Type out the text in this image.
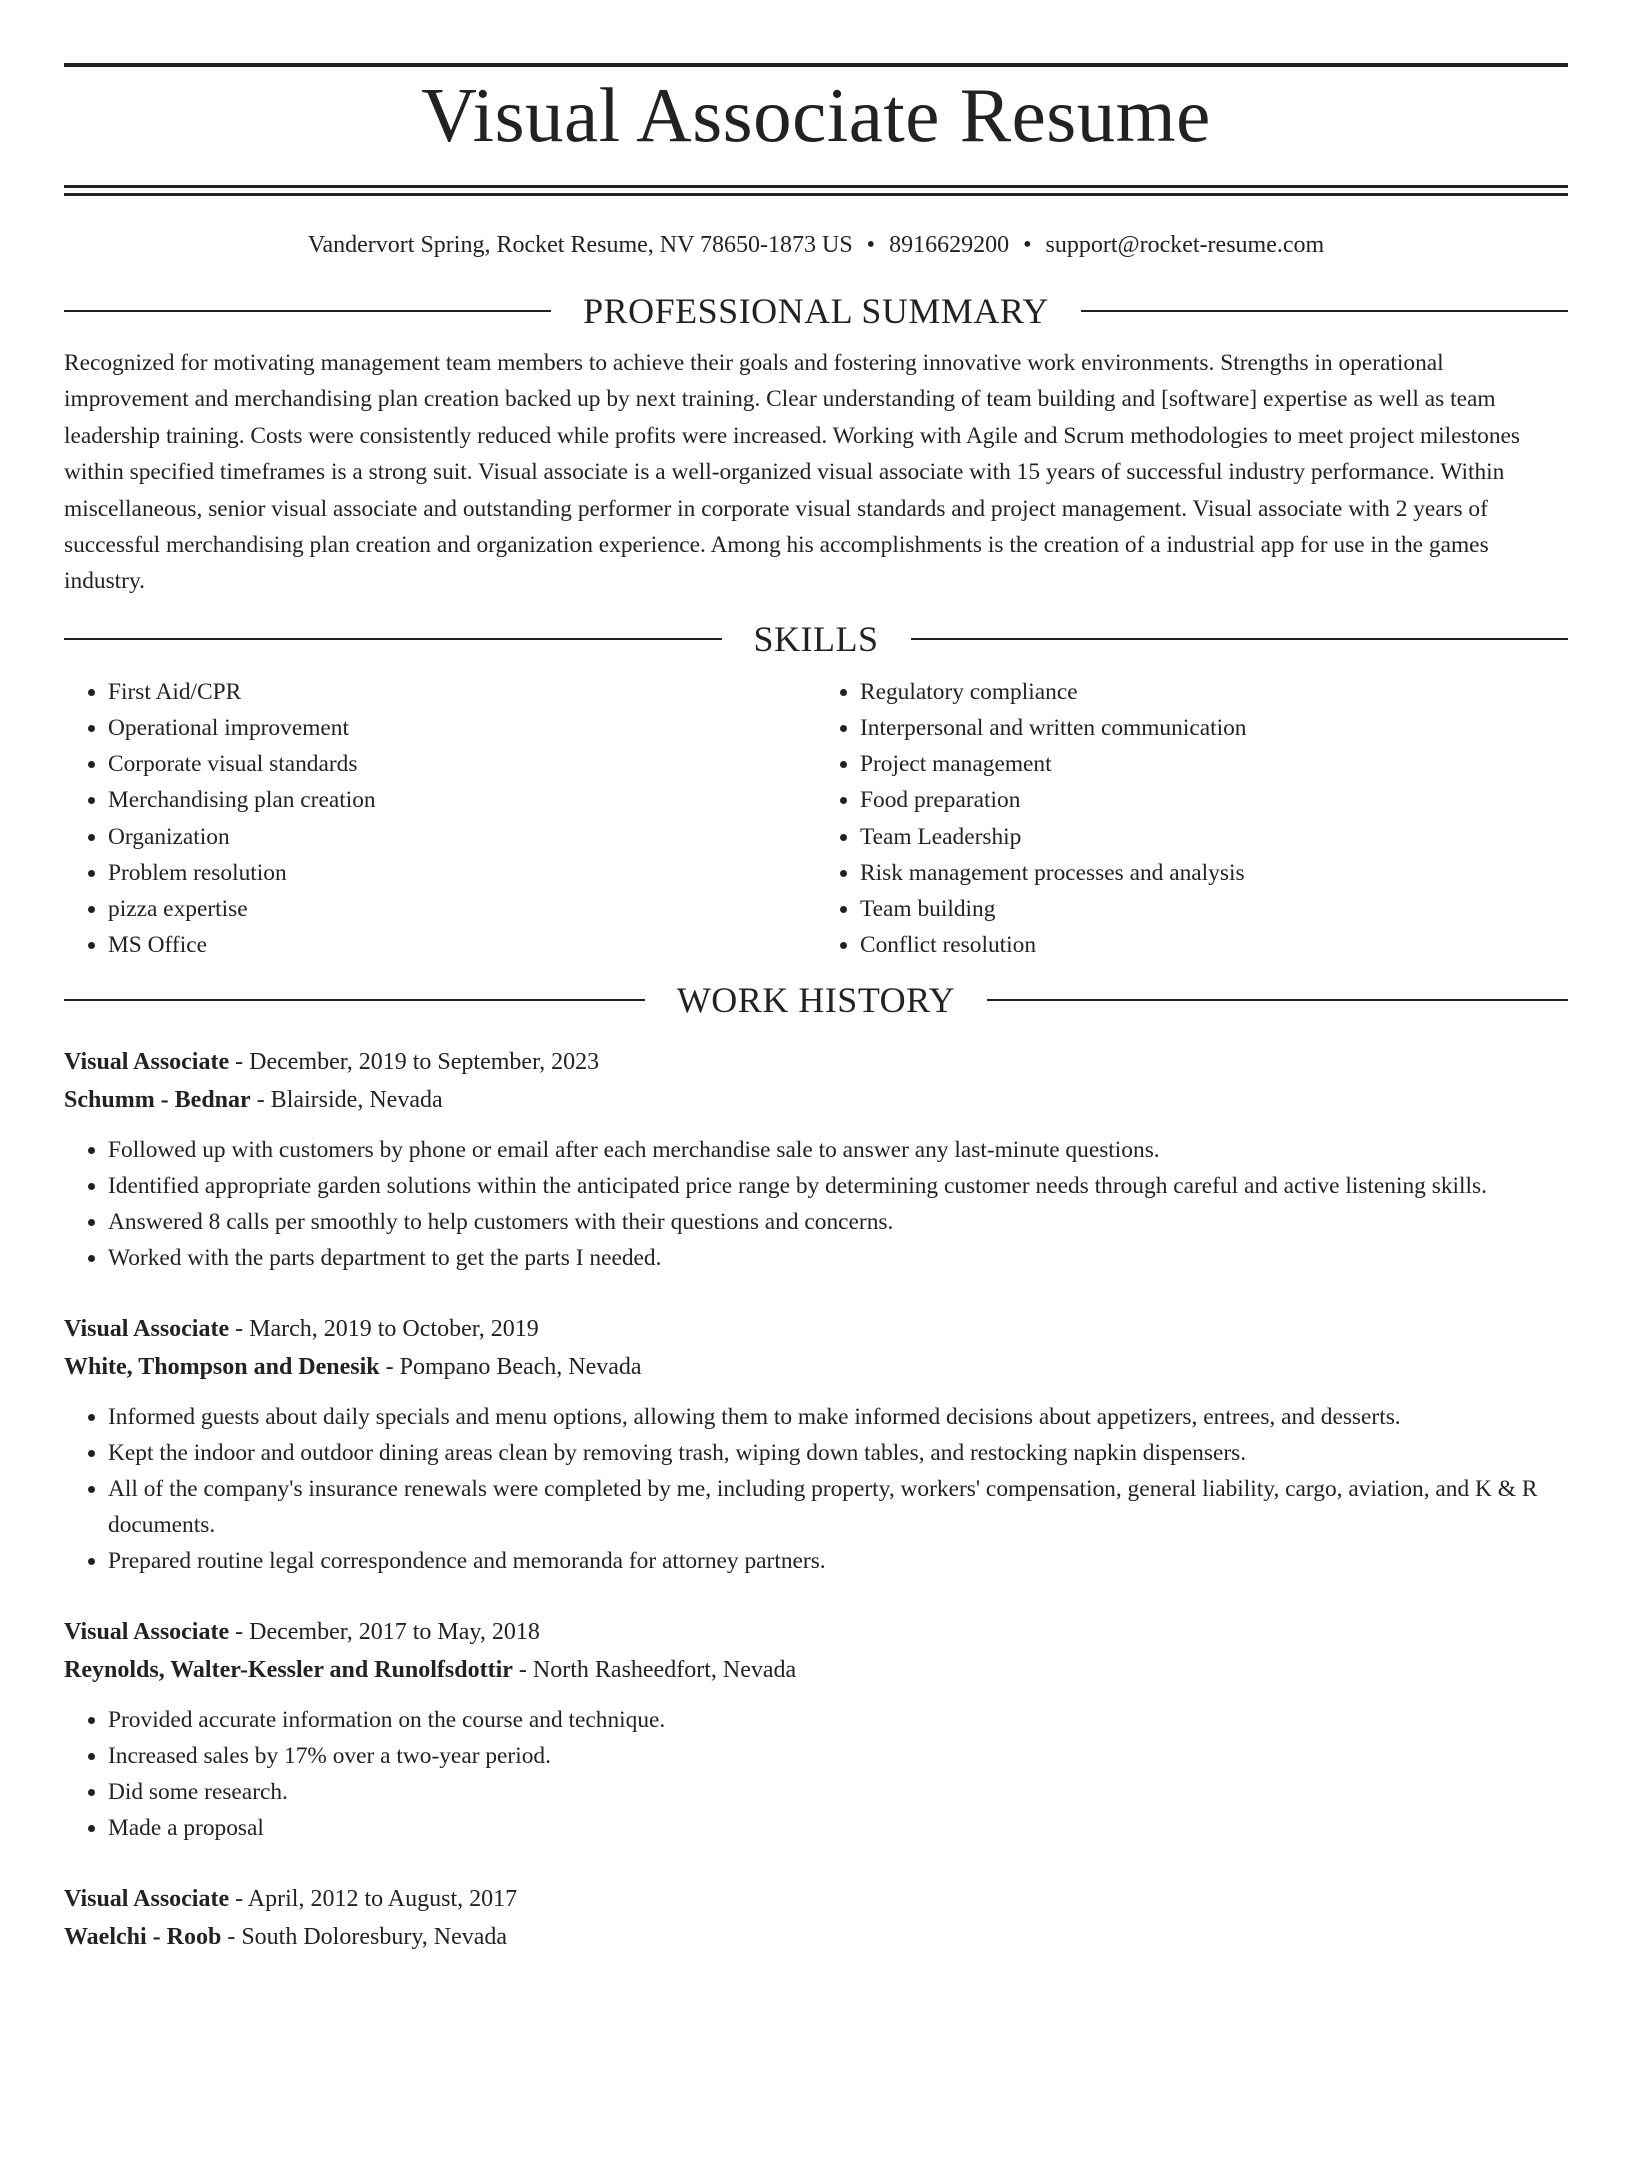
Visual Associate Resume
Vandervort Spring, Rocket Resume, NV 78650-1873 US • 8916629200 • support@rocket-resume.com
PROFESSIONAL SUMMARY

Recognized for motivating management team members to achieve their goals and fostering innovative work environments. Strengths in operational improvement and merchandising plan creation backed up by next training. Clear understanding of team building and [software] expertise as well as team leadership training. Costs were consistently reduced while profits were increased. Working with Agile and Scrum methodologies to meet project milestones within specified timeframes is a strong suit. Visual associate is a well-organized visual associate with 15 years of successful industry performance. Within miscellaneous, senior visual associate and outstanding performer in corporate visual standards and project management. Visual associate with 2 years of successful merchandising plan creation and organization experience. Among his accomplishments is the creation of a industrial app for use in the games industry.

SKILLS
• First Aid/CPR
• Operational improvement
• Corporate visual standards
• Merchandising plan creation
• Organization
• Problem resolution
• pizza expertise
• MS Office
• Regulatory compliance
• Interpersonal and written communication
• Project management
• Food preparation
• Team Leadership
• Risk management processes and analysis
• Team building
• Conflict resolution
WORK HISTORY
Visual Associate - December, 2019 to September, 2023
Schumm - Bednar - Blairside, Nevada
• Followed up with customers by phone or email after each merchandise sale to answer any last-minute questions.
• Identified appropriate garden solutions within the anticipated price range by determining customer needs through careful and active listening skills.
• Answered 8 calls per smoothly to help customers with their questions and concerns.
• Worked with the parts department to get the parts I needed.
Visual Associate - March, 2019 to October, 2019
White, Thompson and Denesik - Pompano Beach, Nevada
• Informed guests about daily specials and menu options, allowing them to make informed decisions about appetizers, entrees, and desserts.
• Kept the indoor and outdoor dining areas clean by removing trash, wiping down tables, and restocking napkin dispensers.
• All of the company's insurance renewals were completed by me, including property, workers' compensation, general liability, cargo, aviation, and K & R documents.
• Prepared routine legal correspondence and memoranda for attorney partners.
Visual Associate - December, 2017 to May, 2018
Reynolds, Walter-Kessler and Runolfsdottir - North Rasheedfort, Nevada
• Provided accurate information on the course and technique.
• Increased sales by 17% over a two-year period.
• Did some research.
• Made a proposal
Visual Associate - April, 2012 to August, 2017
Waelchi - Roob - South Doloresbury, Nevada
